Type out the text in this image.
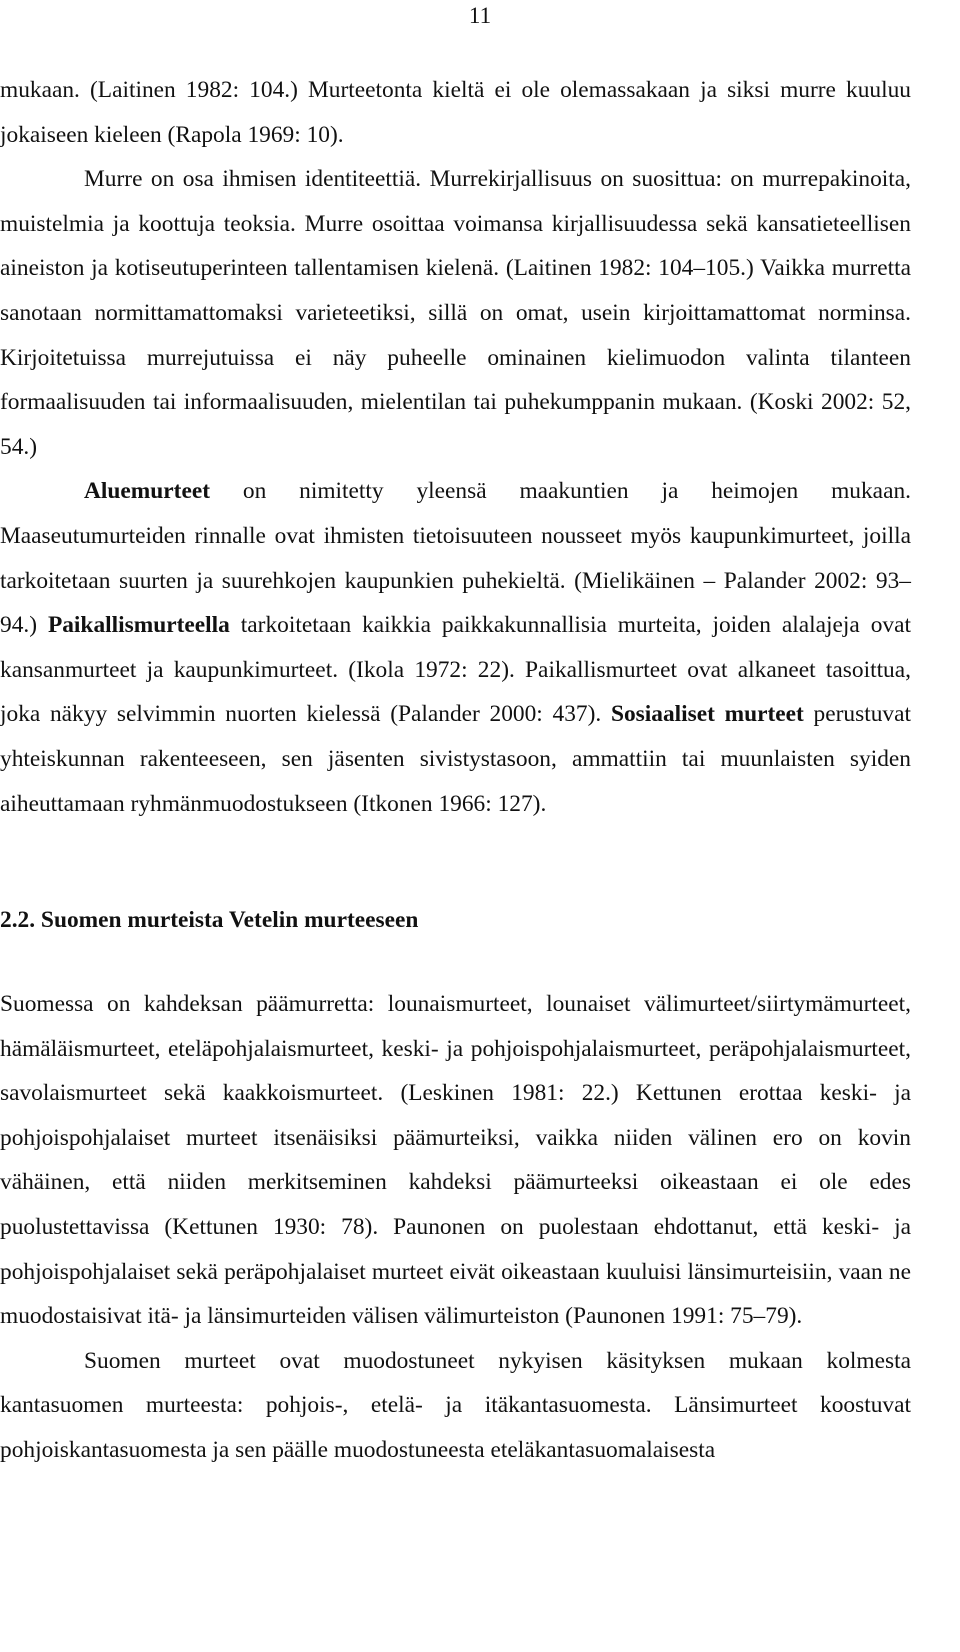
11

mukaan. (Laitinen 1982: 104.) Murteetonta kieltä ei ole olemassakaan ja siksi murre kuuluu jokaiseen kieleen (Rapola 1969: 10).

Murre on osa ihmisen identiteettiä. Murrekirjallisuus on suosittua: on murrepakinoita, muistelmia ja koottuja teoksia. Murre osoittaa voimansa kirjallisuudessa sekä kansatieteellisen aineiston ja kotiseutuperinteen tallentamisen kielenä. (Laitinen 1982: 104–105.) Vaikka murretta sanotaan normittamattomaksi varieteetiksi, sillä on omat, usein kirjoittamattomat norminsa. Kirjoitetuissa murrejutuissa ei näy puheelle ominainen kielimuodon valinta tilanteen formaalisuuden tai informaalisuuden, mielentilan tai puhekumppanin mukaan. (Koski 2002: 52, 54.)

Aluemurteet on nimitetty yleensä maakuntien ja heimojen mukaan. Maaseutumurteiden rinnalle ovat ihmisten tietoisuuteen nousseet myös kaupunkimurteet, joilla tarkoitetaan suurten ja suurehkojen kaupunkien puhekieltä. (Mielikäinen – Palander 2002: 93–94.) Paikallismurteella tarkoitetaan kaikkia paikkakunnallisia murteita, joiden alalajeja ovat kansanmurteet ja kaupunkimurteet. (Ikola 1972: 22). Paikallismurteet ovat alkaneet tasoittua, joka näkyy selvimmin nuorten kielessä (Palander 2000: 437). Sosiaaliset murteet perustuvat yhteiskunnan rakenteeseen, sen jäsenten sivistystasoon, ammattiin tai muunlaisten syiden aiheuttamaan ryhmänmuodostukseen (Itkonen 1966: 127).

2.2. Suomen murteista Vetelin murteeseen

Suomessa on kahdeksan päämurretta: lounaismurteet, lounaiset välimurteet/siirtymämurteet, hämäläismurteet, eteläpohjalaismurteet, keski- ja pohjoispohjalaismurteet, peräpohjalaismurteet, savolaismurteet sekä kaakkoismurteet. (Leskinen 1981: 22.) Kettunen erottaa keski- ja pohjoispohjalaiset murteet itsenäisiksi päämurteiksi, vaikka niiden välinen ero on kovin vähäinen, että niiden merkitseminen kahdeksi päämurteeksi oikeastaan ei ole edes puolustettavissa (Kettunen 1930: 78). Paunonen on puolestaan ehdottanut, että keski- ja pohjoispohjalaiset sekä peräpohjalaiset murteet eivät oikeastaan kuuluisi länsimurteisiin, vaan ne muodostaisivat itä- ja länsimurteiden välisen välimurteiston (Paunonen 1991: 75–79).

Suomen murteet ovat muodostuneet nykyisen käsityksen mukaan kolmesta kantasuomen murteesta: pohjois-, etelä- ja itäkantasuomesta. Länsimurteet koostuvat pohjoiskantasuomesta ja sen päälle muodostuneesta eteläkantasuomalaisesta
